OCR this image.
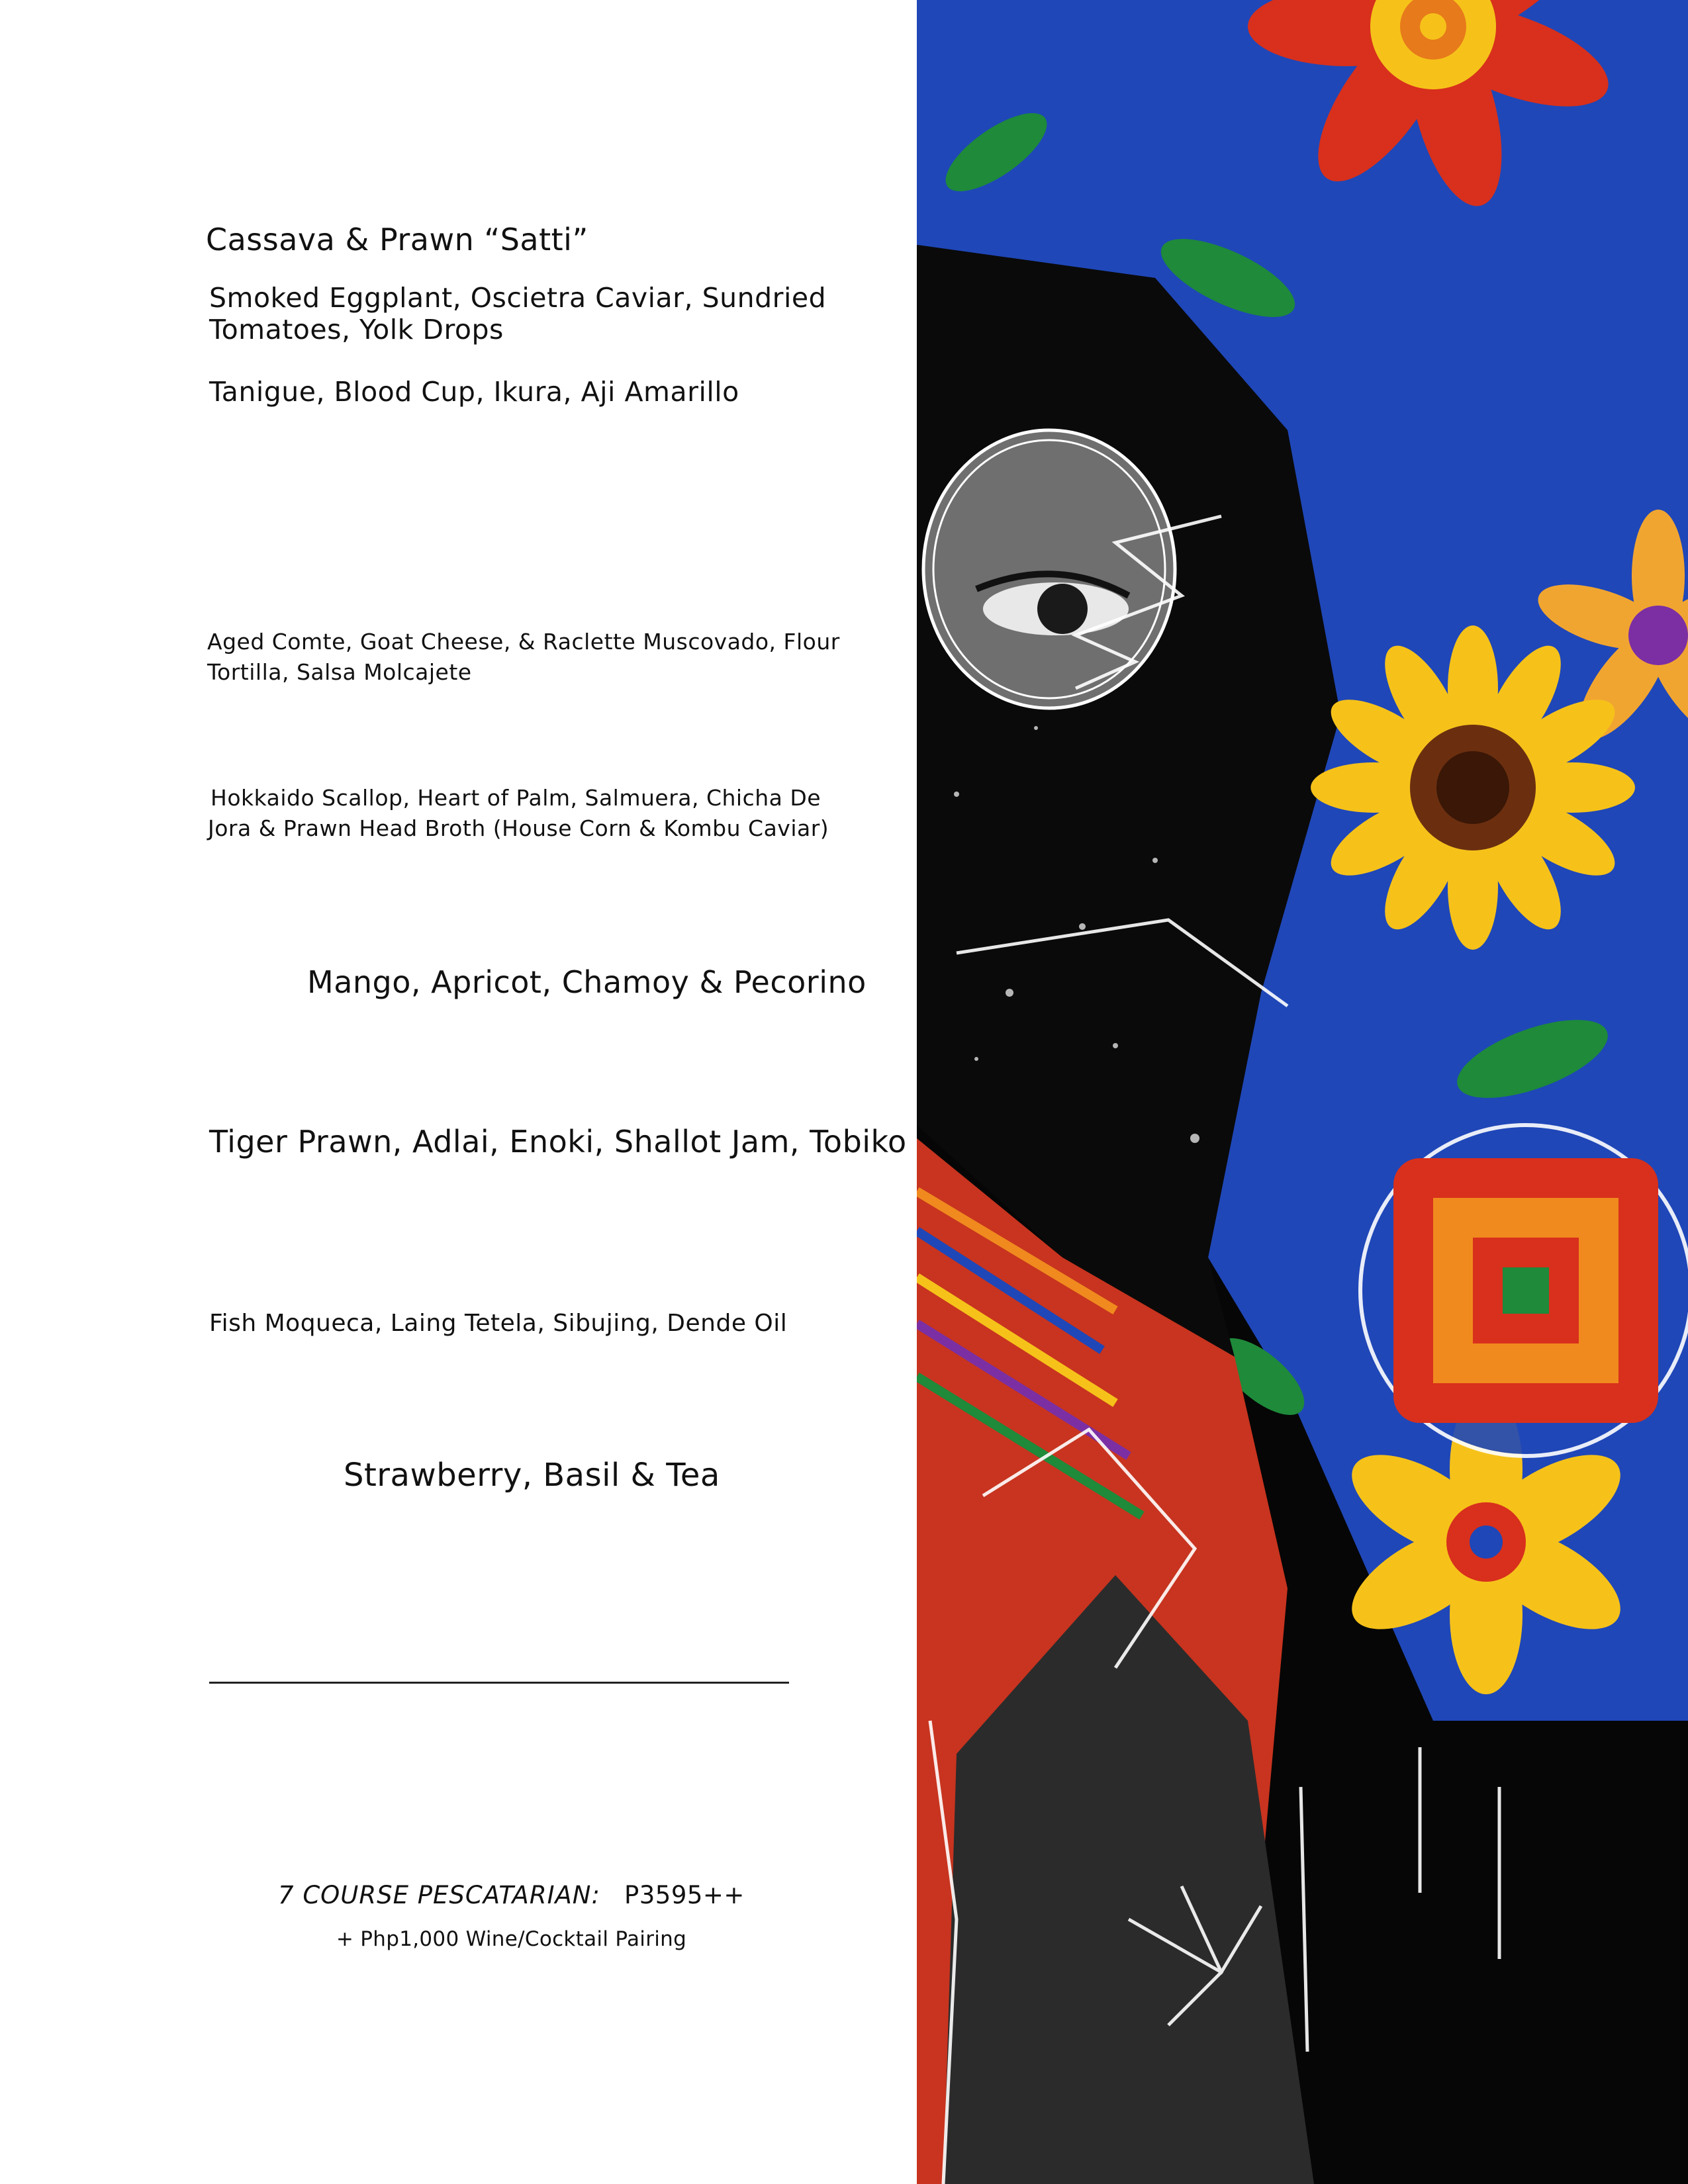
Cassava & Prawn “Satti”

Smoked Eggplant, Oscietra Caviar, Sundried

Tomatoes, Yolk Drops

Tanigue, Blood Cup, Ikura, Aji Amarillo

Aged Comte, Goat Cheese, & Raclette Muscovado, Flour

Tortilla, Salsa Molcajete

Hokkaido Scallop, Heart of Palm, Salmuera, Chicha De

Jora & Prawn Head Broth (House Corn & Kombu Caviar)

Mango, Apricot, Chamoy & Pecorino

Tiger Prawn, Adlai, Enoki, Shallot Jam, Tobiko

Fish Moqueca, Laing Tetela, Sibujing, Dende Oil

Strawberry, Basil & Tea

7 COURSE PESCATARIAN: P3595++
+ Php1,000 Wine/Cocktail Pairing
